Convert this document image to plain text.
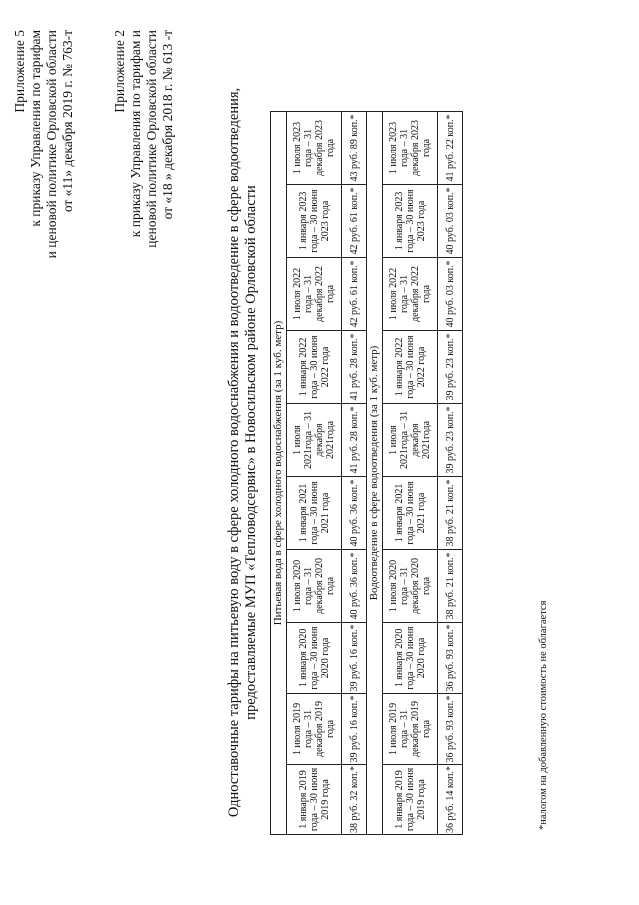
Приложение 5 к приказу Управления по тарифам и ценовой политике Орловской области от «11» декабря 2019 г. № 763-т	Приложение 2 к приказу Управления по тарифам и ценовой политике Орловской области от «18 » декабря 2018 г. № 613 -т	Одноставочные тарифы на питьевую воду в сфере холодного водоснабжения и водоотведение в сфере водоотведения, предоставляемые МУП «Тепловодсервис» в Новосильском районе Орловской области Питьевая вода в сфере холодного водоснабжения (за 1 куб. метр)									
1 января 2019 года – 30 июня 2019 года	1 июля 2019 года – 31 декабря 2019 года	1 января 2020 года – 30 июня 2020 года	1 июля 2020 года – 31 декабря 2020 года	1 января 2021 года – 30 июня 2021 года	1 июля 2021года – 31 декабря 2021года	1 января 2022 года – 30 июня 2022 года	1 июля 2022 года – 31 декабря 2022 года	1 января 2023 года – 30 июня 2023 года	1 июля 2023 года – 31 декабря 2023 года
38 руб. 32 коп.*	39 руб. 16 коп.*	39 руб. 16 коп.*	40 руб. 36 коп.*	40 руб. 36 коп.*	41 руб. 28 коп.*	41 руб. 28 коп.*	42 руб. 61 коп.*	42 руб. 61 коп.*	43 руб. 89 коп.*
Водоотведение в сфере водоотведения (за 1 куб. метр)									
1 января 2019 года – 30 июня 2019 года	1 июля 2019 года – 31 декабря 2019 года	1 января 2020 года – 30 июня 2020 года	1 июля 2020 года – 31 декабря 2020 года	1 января 2021 года – 30 июня 2021 года	1 июля 2021года – 31 декабря 2021года	1 января 2022 года – 30 июня 2022 года	1 июля 2022 года – 31 декабря 2022 года	1 января 2023 года – 30 июня 2023 года	1 июля 2023 года – 31 декабря 2023 года
36 руб. 14 коп.*	36 руб. 93 коп.*	36 руб. 93 коп.*	38 руб. 21 коп.*	38 руб. 21 коп.*	39 руб. 23 коп.*	39 руб. 23 коп.*	40 руб. 03 коп.*	40 руб. 03 коп.*	41 руб. 22 коп.*
*налогом на добавленную стоимость не облагается
